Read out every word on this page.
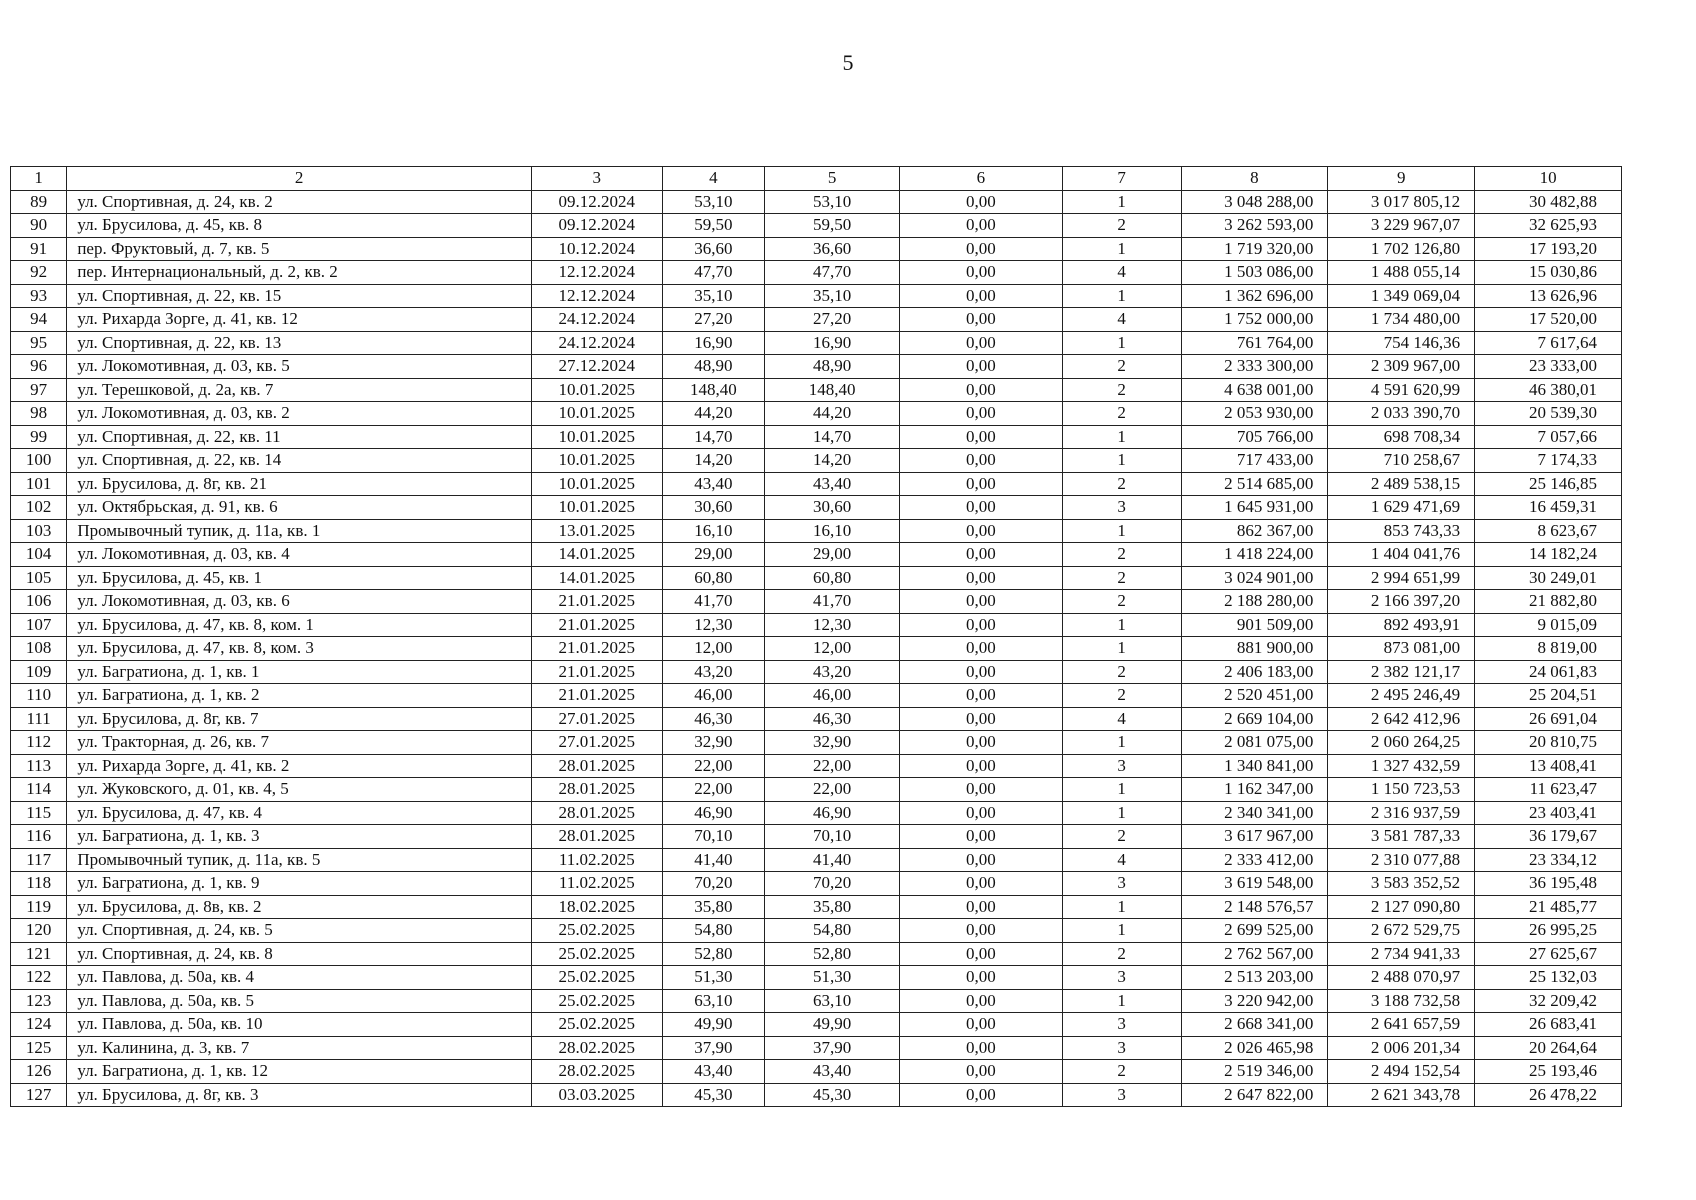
5
1	2	3	4	5	6	7	8	9	10
89	ул. Спортивная, д. 24, кв. 2	09.12.2024	53,10	53,10	0,00	1	3 048 288,00	3 017 805,12	30 482,88
90	ул. Брусилова, д. 45, кв. 8	09.12.2024	59,50	59,50	0,00	2	3 262 593,00	3 229 967,07	32 625,93
91	пер. Фруктовый, д. 7, кв. 5	10.12.2024	36,60	36,60	0,00	1	1 719 320,00	1 702 126,80	17 193,20
92	пер. Интернациональный, д. 2, кв. 2	12.12.2024	47,70	47,70	0,00	4	1 503 086,00	1 488 055,14	15 030,86
93	ул. Спортивная, д. 22, кв. 15	12.12.2024	35,10	35,10	0,00	1	1 362 696,00	1 349 069,04	13 626,96
94	ул. Рихарда Зорге, д. 41, кв. 12	24.12.2024	27,20	27,20	0,00	4	1 752 000,00	1 734 480,00	17 520,00
95	ул. Спортивная, д. 22, кв. 13	24.12.2024	16,90	16,90	0,00	1	761 764,00	754 146,36	7 617,64
96	ул. Локомотивная, д. 03, кв. 5	27.12.2024	48,90	48,90	0,00	2	2 333 300,00	2 309 967,00	23 333,00
97	ул. Терешковой, д. 2а, кв. 7	10.01.2025	148,40	148,40	0,00	2	4 638 001,00	4 591 620,99	46 380,01
98	ул. Локомотивная, д. 03, кв. 2	10.01.2025	44,20	44,20	0,00	2	2 053 930,00	2 033 390,70	20 539,30
99	ул. Спортивная, д. 22, кв. 11	10.01.2025	14,70	14,70	0,00	1	705 766,00	698 708,34	7 057,66
100	ул. Спортивная, д. 22, кв. 14	10.01.2025	14,20	14,20	0,00	1	717 433,00	710 258,67	7 174,33
101	ул. Брусилова, д. 8г, кв. 21	10.01.2025	43,40	43,40	0,00	2	2 514 685,00	2 489 538,15	25 146,85
102	ул. Октябрьская, д. 91, кв. 6	10.01.2025	30,60	30,60	0,00	3	1 645 931,00	1 629 471,69	16 459,31
103	Промывочный тупик, д. 11а, кв. 1	13.01.2025	16,10	16,10	0,00	1	862 367,00	853 743,33	8 623,67
104	ул. Локомотивная, д. 03, кв. 4	14.01.2025	29,00	29,00	0,00	2	1 418 224,00	1 404 041,76	14 182,24
105	ул. Брусилова, д. 45, кв. 1	14.01.2025	60,80	60,80	0,00	2	3 024 901,00	2 994 651,99	30 249,01
106	ул. Локомотивная, д. 03, кв. 6	21.01.2025	41,70	41,70	0,00	2	2 188 280,00	2 166 397,20	21 882,80
107	ул. Брусилова, д. 47, кв. 8, ком. 1	21.01.2025	12,30	12,30	0,00	1	901 509,00	892 493,91	9 015,09
108	ул. Брусилова, д. 47, кв. 8, ком. 3	21.01.2025	12,00	12,00	0,00	1	881 900,00	873 081,00	8 819,00
109	ул. Багратиона, д. 1, кв. 1	21.01.2025	43,20	43,20	0,00	2	2 406 183,00	2 382 121,17	24 061,83
110	ул. Багратиона, д. 1, кв. 2	21.01.2025	46,00	46,00	0,00	2	2 520 451,00	2 495 246,49	25 204,51
111	ул. Брусилова, д. 8г, кв. 7	27.01.2025	46,30	46,30	0,00	4	2 669 104,00	2 642 412,96	26 691,04
112	ул. Тракторная, д. 26, кв. 7	27.01.2025	32,90	32,90	0,00	1	2 081 075,00	2 060 264,25	20 810,75
113	ул. Рихарда Зорге, д. 41, кв. 2	28.01.2025	22,00	22,00	0,00	3	1 340 841,00	1 327 432,59	13 408,41
114	ул. Жуковского, д. 01, кв. 4, 5	28.01.2025	22,00	22,00	0,00	1	1 162 347,00	1 150 723,53	11 623,47
115	ул. Брусилова, д. 47, кв. 4	28.01.2025	46,90	46,90	0,00	1	2 340 341,00	2 316 937,59	23 403,41
116	ул. Багратиона, д. 1, кв. 3	28.01.2025	70,10	70,10	0,00	2	3 617 967,00	3 581 787,33	36 179,67
117	Промывочный тупик, д. 11а, кв. 5	11.02.2025	41,40	41,40	0,00	4	2 333 412,00	2 310 077,88	23 334,12
118	ул. Багратиона, д. 1, кв. 9	11.02.2025	70,20	70,20	0,00	3	3 619 548,00	3 583 352,52	36 195,48
119	ул. Брусилова, д. 8в, кв. 2	18.02.2025	35,80	35,80	0,00	1	2 148 576,57	2 127 090,80	21 485,77
120	ул. Спортивная, д. 24, кв. 5	25.02.2025	54,80	54,80	0,00	1	2 699 525,00	2 672 529,75	26 995,25
121	ул. Спортивная, д. 24, кв. 8	25.02.2025	52,80	52,80	0,00	2	2 762 567,00	2 734 941,33	27 625,67
122	ул. Павлова, д. 50а, кв. 4	25.02.2025	51,30	51,30	0,00	3	2 513 203,00	2 488 070,97	25 132,03
123	ул. Павлова, д. 50а, кв. 5	25.02.2025	63,10	63,10	0,00	1	3 220 942,00	3 188 732,58	32 209,42
124	ул. Павлова, д. 50а, кв. 10	25.02.2025	49,90	49,90	0,00	3	2 668 341,00	2 641 657,59	26 683,41
125	ул. Калинина, д. 3, кв. 7	28.02.2025	37,90	37,90	0,00	3	2 026 465,98	2 006 201,34	20 264,64
126	ул. Багратиона, д. 1, кв. 12	28.02.2025	43,40	43,40	0,00	2	2 519 346,00	2 494 152,54	25 193,46
127	ул. Брусилова, д. 8г, кв. 3	03.03.2025	45,30	45,30	0,00	3	2 647 822,00	2 621 343,78	26 478,22
